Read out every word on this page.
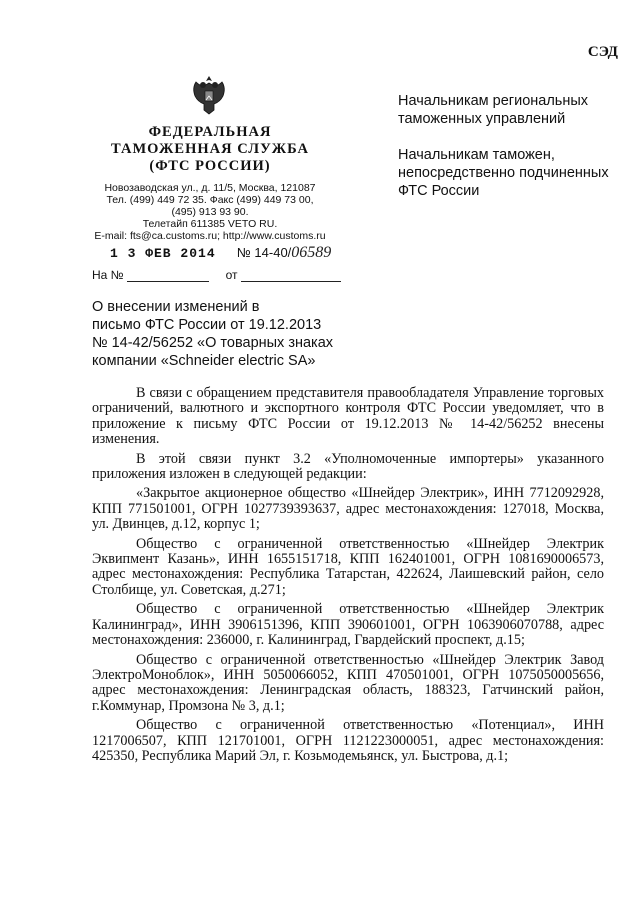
СЭД
ФЕДЕРАЛЬНАЯ
ТАМОЖЕННАЯ СЛУЖБА
(ФТС РОССИИ)
Новозаводская ул., д. 11/5, Москва, 121087
Тел. (499) 449 72 35. Факс (499) 449 73 00,
(495) 913 93 90.
Телетайп 611385 VETO RU.
E-mail: fts@ca.customs.ru; http://www.customs.ru
1 3 ФЕВ 2014 № 14-40/06589
На №	от
Начальникам региональных
таможенных управлений
Начальникам таможен,
непосредственно подчиненных
ФТС России
О внесении изменений в
письмо ФТС России от 19.12.2013
№ 14-42/56252 «О товарных знаках
компании «Schneider electric SA»

В связи с обращением представителя правообладателя Управление торговых ограничений, валютного и экспортного контроля ФТС России уведомляет, что в приложение к письму ФТС России от 19.12.2013 № 14-42/56252 внесены изменения.

В этой связи пункт 3.2 «Уполномоченные импортеры» указанного приложения изложен в следующей редакции:

«Закрытое акционерное общество «Шнейдер Электрик», ИНН 7712092928, КПП 771501001, ОГРН 1027739393637, адрес местонахождения: 127018, Москва, ул. Двинцев, д.12, корпус 1;

Общество с ограниченной ответственностью «Шнейдер Электрик Эквипмент Казань», ИНН 1655151718, КПП 162401001, ОГРН 1081690006573, адрес местонахождения: Республика Татарстан, 422624, Лаишевский район, село Столбище, ул. Советская, д.271;

Общество с ограниченной ответственностью «Шнейдер Электрик Калининград», ИНН 3906151396, КПП 390601001, ОГРН 1063906070788, адрес местонахождения: 236000, г. Калининград, Гвардейский проспект, д.15;

Общество с ограниченной ответственностью «Шнейдер Электрик Завод ЭлектроМоноблок», ИНН 5050066052, КПП 470501001, ОГРН 1075050005656, адрес местонахождения: Ленинградская область, 188323, Гатчинский район, г.Коммунар, Промзона № 3, д.1;

Общество с ограниченной ответственностью «Потенциал», ИНН 1217006507, КПП 121701001, ОГРН 1121223000051, адрес местонахождения: 425350, Республика Марий Эл, г. Козьмодемьянск, ул. Быстрова, д.1;
